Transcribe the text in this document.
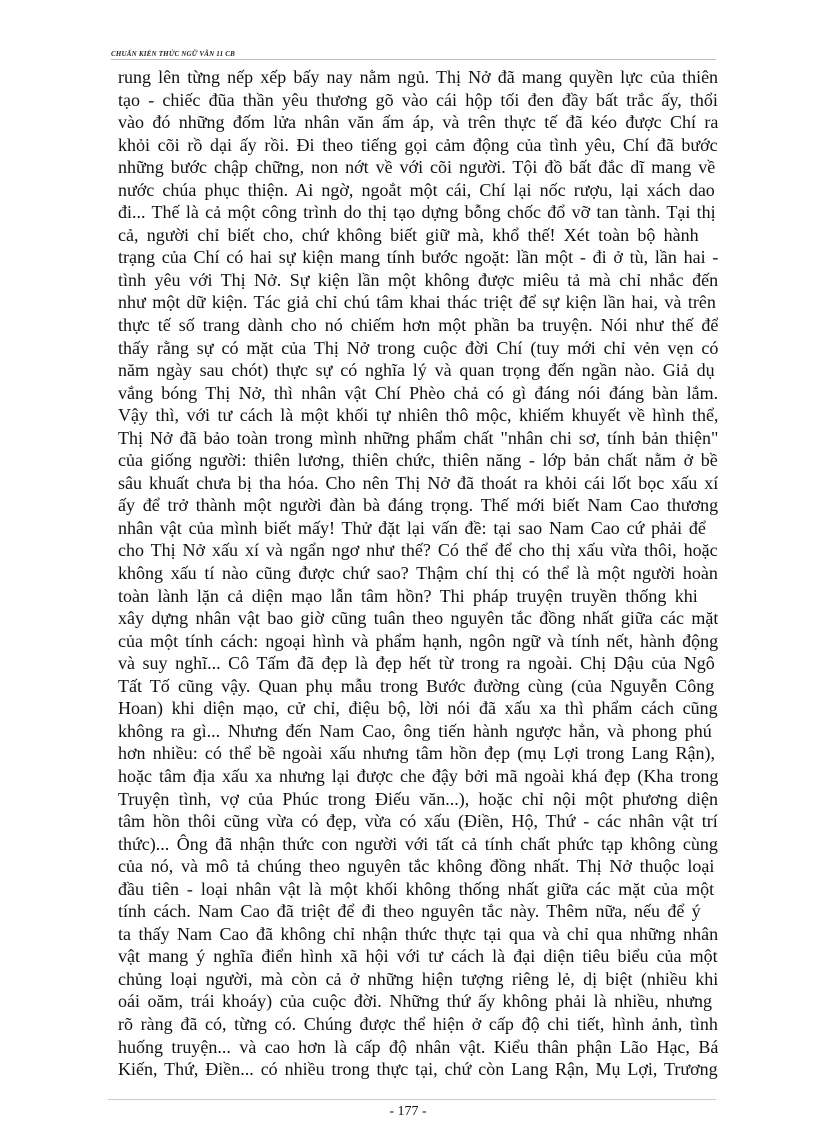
CHUẨN KIẾN THỨC NGỮ VĂN 11 CB
rung lên từng nếp xếp bấy nay nằm ngủ. Thị Nở đã mang quyền lực của thiên
tạo - chiếc đũa thần yêu thương gõ vào cái hộp tối đen đầy bất trắc ấy, thổi
vào đó những đốm lửa nhân văn ấm áp, và trên thực tế đã kéo được Chí ra
khỏi cõi rồ dại ấy rồi. Đi theo tiếng gọi cảm động của tình yêu, Chí đã bước
những bước chập chững, non nớt về với cõi người. Tội đồ bất đắc dĩ mang về
nước chúa phục thiện. Ai ngờ, ngoắt một cái, Chí lại nốc rượu, lại xách dao
đi... Thế là cả một công trình do thị tạo dựng bỗng chốc đổ vỡ tan tành. Tại thị
cả, người chỉ biết cho, chứ không biết giữ mà, khổ thế! Xét toàn bộ hành
trạng của Chí có hai sự kiện mang tính bước ngoặt: lần một - đi ở tù, lần hai -
tình yêu với Thị Nở. Sự kiện lần một không được miêu tả mà chỉ nhắc đến
như một dữ kiện. Tác giả chỉ chú tâm khai thác triệt để sự kiện lần hai, và trên
thực tế số trang dành cho nó chiếm hơn một phần ba truyện. Nói như thế để
thấy rằng sự có mặt của Thị Nở trong cuộc đời Chí (tuy mới chỉ vẻn vẹn có
năm ngày sau chót) thực sự có nghĩa lý và quan trọng đến ngần nào. Giả dụ
vắng bóng Thị Nở, thì nhân vật Chí Phèo chả có gì đáng nói đáng bàn lắm.
Vậy thì, với tư cách là một khối tự nhiên thô mộc, khiếm khuyết về hình thể,
Thị Nở đã bảo toàn trong mình những phẩm chất "nhân chi sơ, tính bản thiện"
của giống người: thiên lương, thiên chức, thiên năng - lớp bản chất nằm ở bề
sâu khuất chưa bị tha hóa. Cho nên Thị Nở đã thoát ra khỏi cái lốt bọc xấu xí
ấy để trở thành một người đàn bà đáng trọng. Thế mới biết Nam Cao thương
nhân vật của mình biết mấy! Thử đặt lại vấn đề: tại sao Nam Cao cứ phải để
cho Thị Nở xấu xí và ngẩn ngơ như thế? Có thể để cho thị xấu vừa thôi, hoặc
không xấu tí nào cũng được chứ sao? Thậm chí thị có thể là một người hoàn
toàn lành lặn cả diện mạo lẫn tâm hồn? Thi pháp truyện truyền thống khi
xây dựng nhân vật bao giờ cũng tuân theo nguyên tắc đồng nhất giữa các mặt
của một tính cách: ngoại hình và phẩm hạnh, ngôn ngữ và tính nết, hành động
và suy nghĩ... Cô Tấm đã đẹp là đẹp hết từ trong ra ngoài. Chị Dậu của Ngô
Tất Tố cũng vậy. Quan phụ mẫu trong Bước đường cùng (của Nguyễn Công
Hoan) khi diện mạo, cử chỉ, điệu bộ, lời nói đã xấu xa thì phẩm cách cũng
không ra gì... Nhưng đến Nam Cao, ông tiến hành ngược hẳn, và phong phú
hơn nhiều: có thể bề ngoài xấu nhưng tâm hồn đẹp (mụ Lợi trong Lang Rận),
hoặc tâm địa xấu xa nhưng lại được che đậy bởi mã ngoài khá đẹp (Kha trong
Truyện tình, vợ của Phúc trong Điếu văn...), hoặc chỉ nội một phương diện
tâm hồn thôi cũng vừa có đẹp, vừa có xấu (Điền, Hộ, Thứ - các nhân vật trí
thức)... Ông đã nhận thức con người với tất cả tính chất phức tạp không cùng
của nó, và mô tả chúng theo nguyên tắc không đồng nhất. Thị Nở thuộc loại
đầu tiên - loại nhân vật là một khối không thống nhất giữa các mặt của một
tính cách. Nam Cao đã triệt để đi theo nguyên tắc này. Thêm nữa, nếu để ý
ta thấy Nam Cao đã không chỉ nhận thức thực tại qua và chỉ qua những nhân
vật mang ý nghĩa điển hình xã hội với tư cách là đại diện tiêu biểu của một
chủng loại người, mà còn cả ở những hiện tượng riêng lẻ, dị biệt (nhiều khi
oái oăm, trái khoáy) của cuộc đời. Những thứ ấy không phải là nhiều, nhưng
rõ ràng đã có, từng có. Chúng được thể hiện ở cấp độ chi tiết, hình ảnh, tình
huống truyện... và cao hơn là cấp độ nhân vật. Kiểu thân phận Lão Hạc, Bá
Kiến, Thứ, Điền... có nhiều trong thực tại, chứ còn Lang Rận, Mụ Lợi, Trương
- 177 -
